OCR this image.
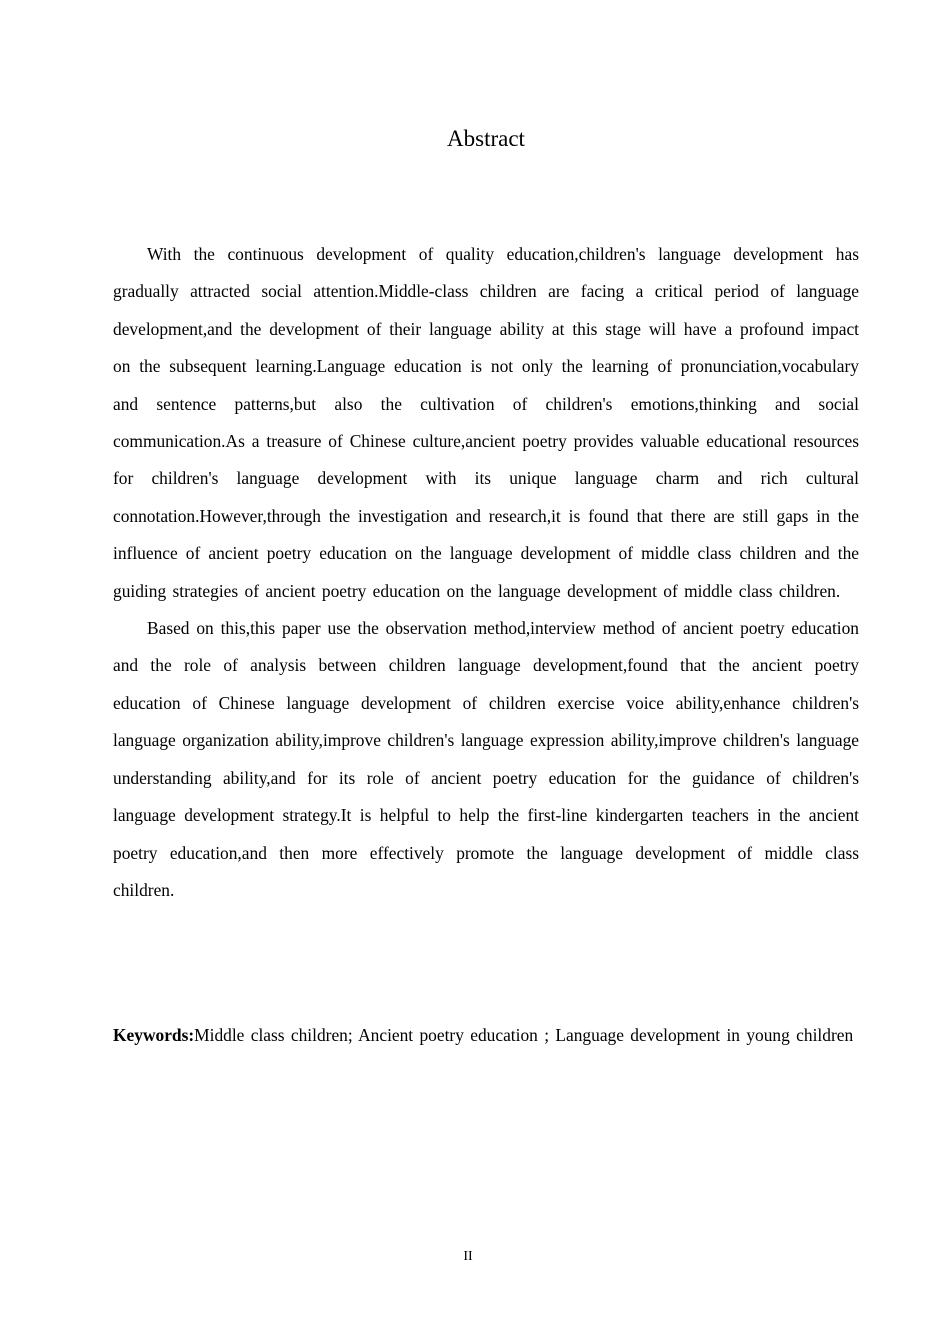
Abstract

With the continuous development of quality education,children's language development has gradually attracted social attention.Middle-class children are facing a critical period of language development,and the development of their language ability at this stage will have a profound impact on the subsequent learning.Language education is not only the learning of pronunciation,vocabulary and sentence patterns,but also the cultivation of children's emotions,thinking and social communication.As a treasure of Chinese culture,ancient poetry provides valuable educational resources for children's language development with its unique language charm and rich cultural connotation.However,through the investigation and research,it is found that there are still gaps in the influence of ancient poetry education on the language development of middle class children and the guiding strategies of ancient poetry education on the language development of middle class children.

Based on this,this paper use the observation method,interview method of ancient poetry education and the role of analysis between children language development,found that the ancient poetry education of Chinese language development of children exercise voice ability,enhance children's language organization ability,improve children's language expression ability,improve children's language understanding ability,and for its role of ancient poetry education for the guidance of children's language development strategy.It is helpful to help the first-line kindergarten teachers in the ancient poetry education,and then more effectively promote the language development of middle class children.

Keywords:Middle class children; Ancient poetry education ; Language development in young children

II
